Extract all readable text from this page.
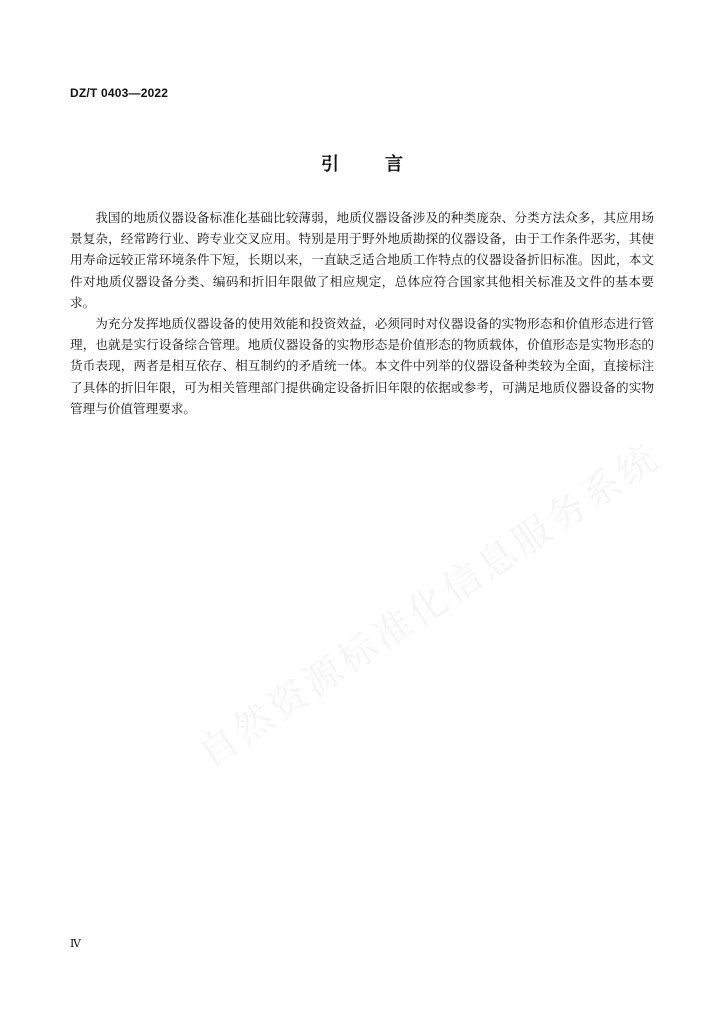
DZ/T 0403—2022
引言

我国的地质仪器设备标准化基础比较薄弱，地质仪器设备涉及的种类庞杂、分类方法众多，其应用场景复杂，经常跨行业、跨专业交叉应用。特别是用于野外地质勘探的仪器设备，由于工作条件恶劣，其使用寿命远较正常环境条件下短，长期以来，一直缺乏适合地质工作特点的仪器设备折旧标准。因此，本文件对地质仪器设备分类、编码和折旧年限做了相应规定，总体应符合国家其他相关标准及文件的基本要求。

为充分发挥地质仪器设备的使用效能和投资效益，必须同时对仪器设备的实物形态和价值形态进行管理，也就是实行设备综合管理。地质仪器设备的实物形态是价值形态的物质载体，价值形态是实物形态的货币表现，两者是相互依存、相互制约的矛盾统一体。本文件中列举的仪器设备种类较为全面，直接标注了具体的折旧年限，可为相关管理部门提供确定设备折旧年限的依据或参考，可满足地质仪器设备的实物管理与价值管理要求。

Ⅳ
